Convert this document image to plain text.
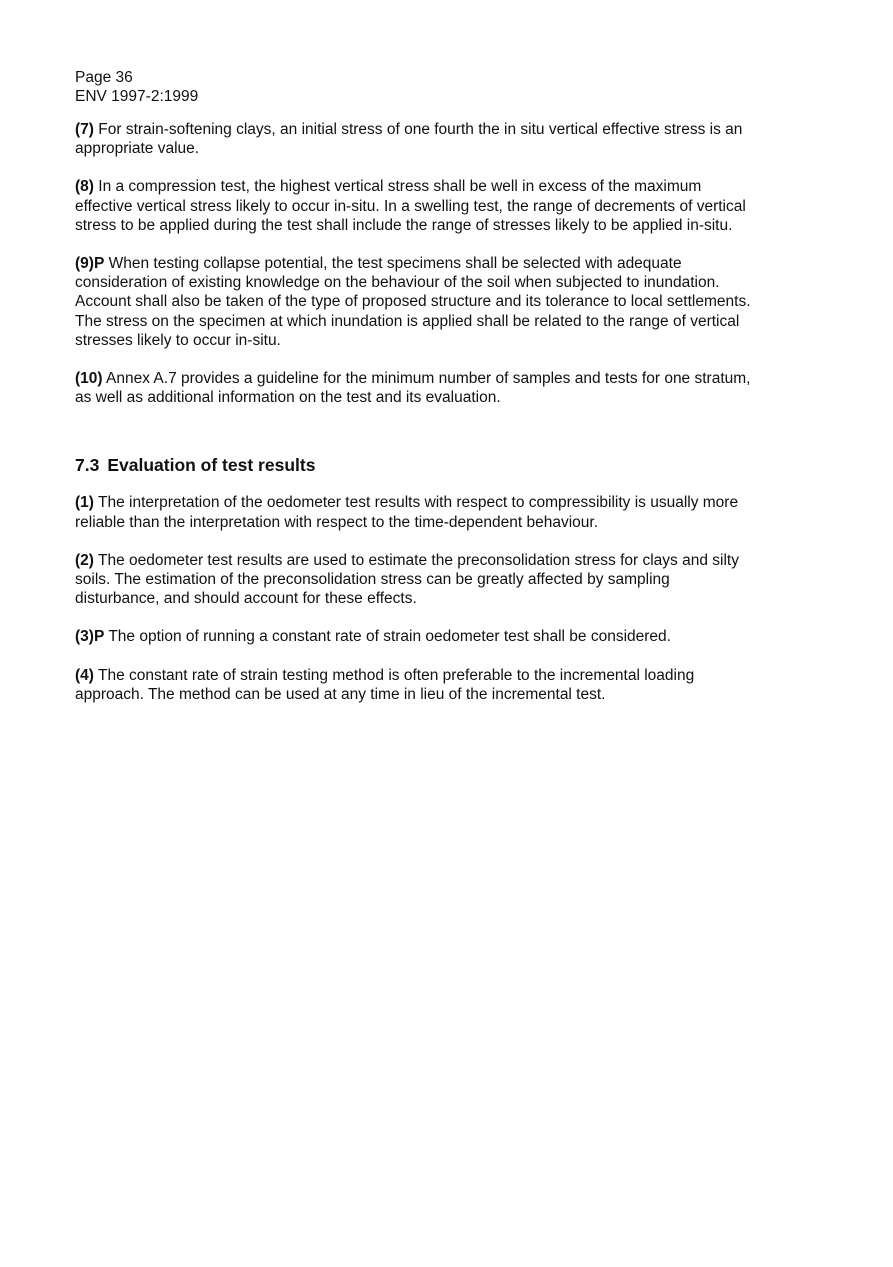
Page 36
ENV 1997-2:1999

(7) For strain-softening clays, an initial stress of one fourth the in situ vertical effective stress is an appropriate value.

(8) In a compression test, the highest vertical stress shall be well in excess of the maximum effective vertical stress likely to occur in-situ. In a swelling test, the range of decrements of vertical stress to be applied during the test shall include the range of stresses likely to be applied in-situ.

(9)P When testing collapse potential, the test specimens shall be selected with adequate consideration of existing knowledge on the behaviour of the soil when subjected to inundation. Account shall also be taken of the type of proposed structure and its tolerance to local settlements. The stress on the specimen at which inundation is applied shall be related to the range of vertical stresses likely to occur in-situ.

(10) Annex A.7 provides a guideline for the minimum number of samples and tests for one stratum, as well as additional information on the test and its evaluation.

7.3 Evaluation of test results

(1) The interpretation of the oedometer test results with respect to compressibility is usually more reliable than the interpretation with respect to the time-dependent behaviour.

(2) The oedometer test results are used to estimate the preconsolidation stress for clays and silty soils. The estimation of the preconsolidation stress can be greatly affected by sampling disturbance, and should account for these effects.

(3)P The option of running a constant rate of strain oedometer test shall be considered.

(4) The constant rate of strain testing method is often preferable to the incremental loading approach. The method can be used at any time in lieu of the incremental test.
